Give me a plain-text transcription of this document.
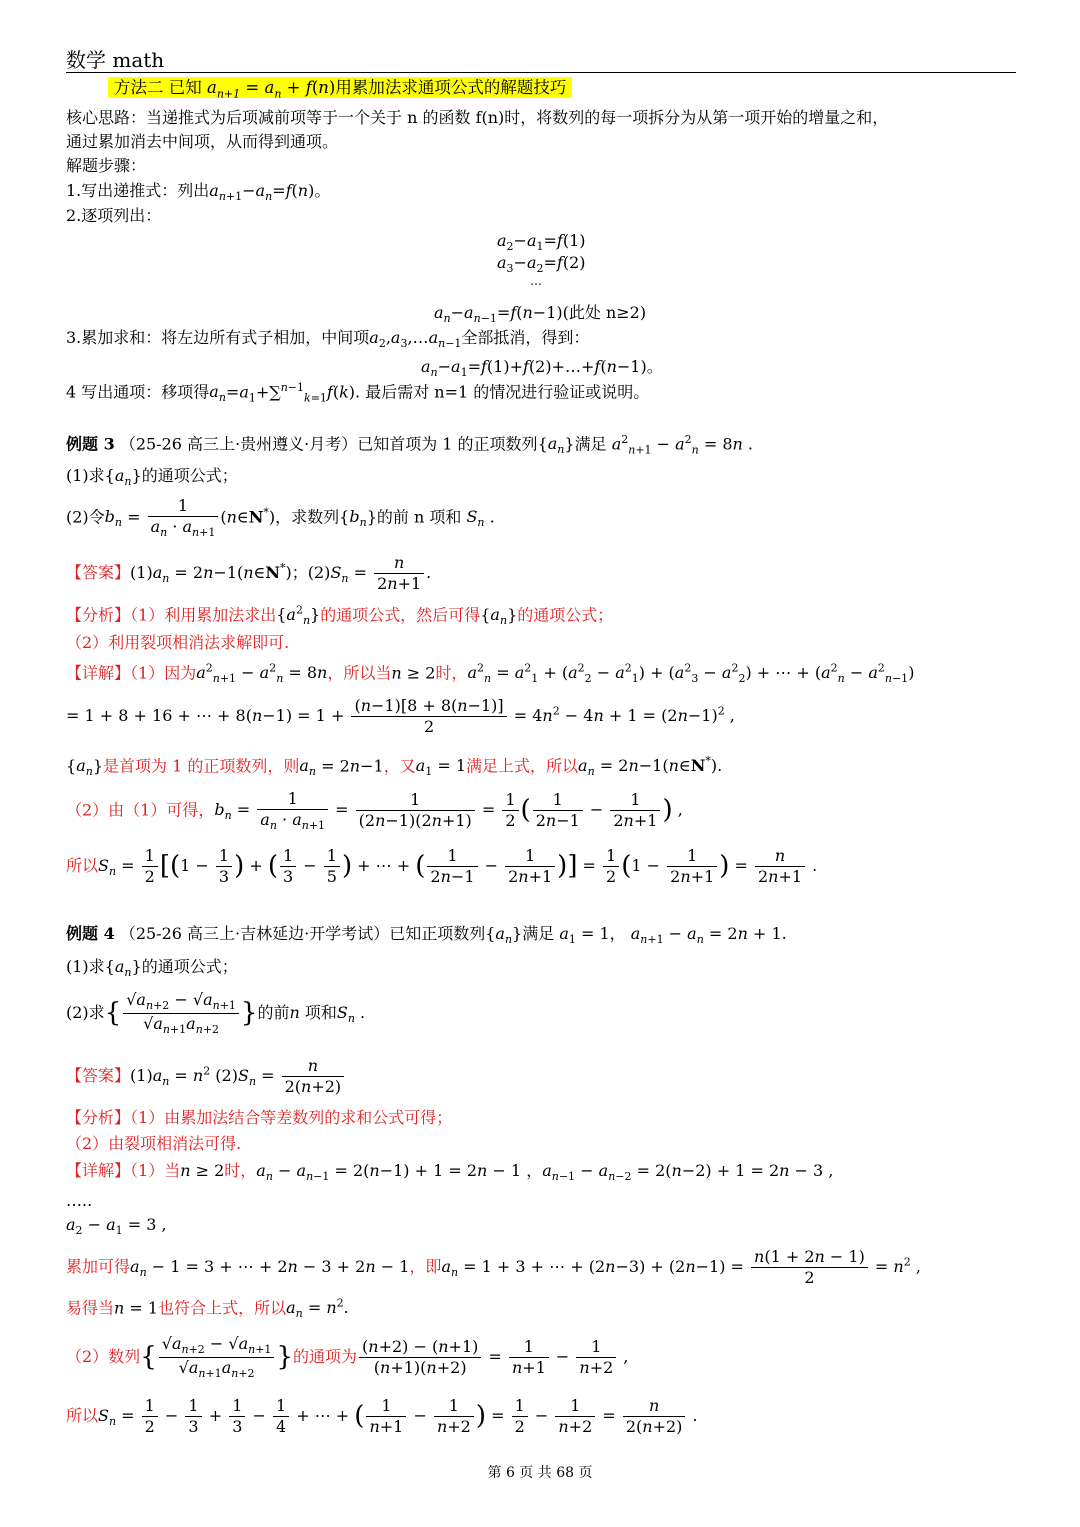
数学 math
方法二 已知 $a_{n+1} = a_n + f(n)$用累加法求通项公式的解题技巧
核心思路：当递推式为后项减前项等于一个关于 n 的函数 f(n)时，将数列的每一项拆分为从第一项开始的增量之和，
通过累加消去中间项，从而得到通项。
解题步骤：
1.写出递推式：列出$a_{n+1}-a_n=f(n)$。
2.逐项列出：
$a_2-a_1=f(1)$
$a_3-a_2=f(2)$
…
$a_n-a_{n-1}=f(n-1)$(此处 n≥2)
3.累加求和：将左边所有式子相加，中间项$a_2,a_3,\dots a_{n-1}$全部抵消，得到：
$a_n-a_1=f(1)+f(2)+\dots+f(n-1)$。
4 写出通项：移项得$a_n=a_1+\sum^{n-1}_{k=1}f(k)$. 最后需对 n=1 的情况进行验证或说明。
例题 3 （25-26 高三上·贵州遵义·月考）已知首项为 1 的正项数列$\{a_n\}$满足 $a^2_{n+1} - a^2_n = 8n$ .
(1)求$\{a_n\}$的通项公式；
(2)令$b_n = \frac{1}{a_n \cdot a_{n+1}}$ (n∈N*)，求数列$\{b_n\}$的前 n 项和 $S_n$ .
【答案】$(1)a_n$ = 2n−1(n∈N*)；$(2)S_n = \frac{n}{2n+1}$ .
【分析】（1）利用累加法求出$\{a^2_n\}$的通项公式，然后可得$\{a_n\}$的通项公式；
（2）利用裂项相消法求解即可.
【详解】（1）因为$a^2_{n+1} - a^2_n = 8n$，所以当n ≥ 2时，$a^2_n = a^2_1 + (a^2_2 - a^2_1) + (a^2_3 - a^2_2)$ + ⋯ + $(a^2_n - a^2_{n-1})$
= 1 + 8 + 16 + ⋯ + $8(n-1) = 1 + \frac{(n-1)[8 + 8(n-1)]}{2} = 4n^2 - 4n + 1 = (2n-1)^2$ ,
$\{a_n\}$是首项为 1 的正项数列，则$a_n = 2n-1$，又$a_1 = 1$满足上式，所以$a_n$ = 2n−1(n∈N*).
（2）由（1）可得，$b_n = \frac{1}{a_n \cdot a_{n+1}} = \frac{1}{(2n-1)(2n+1)} = \frac{1}{2}$ ( $\frac{1}{2n-1} - \frac{1}{2n+1}$ ) ,
所以$S_n = \frac{1}{2} [(1 - \frac{1}{3}$ ) + ( $\frac{1}{3} - \frac{1}{5}$ ) + ⋯ + ( $\frac{1}{2n-1} - \frac{1}{2n+1}$ )] = $\frac{1}{2} (1 - \frac{1}{2n+1}$ ) = $\frac{n}{2n+1}$ .
例题 4 （25-26 高三上·吉林延边·开学考试）已知正项数列$\{a_n\}$满足 $a_1 = 1$， $a_{n+1} - a_n = 2n + 1$.
(1)求$\{a_n\}$的通项公式；
(2)求{ $\frac{√a_{n+2} - √a_{n+1}}{√a_{n+1}a_{n+2}}$ }的前n 项和$S_n$ .
【答案】$(1)a_n = n^2$ $(2)S_n = \frac{n}{2(n+2)}$
【分析】（1）由累加法结合等差数列的求和公式可得；
（2）由裂项相消法可得.
【详解】（1）当n ≥ 2时，$a_n - a_{n-1} = 2(n-1) + 1 = 2n - 1$ ，$a_{n-1} - a_{n-2} = 2(n-2) + 1 = 2n - 3$ ,
…..
$a_2 - a_1 = 3$ ,
累加可得$a_n - 1 = 3$ + ⋯ + 2n − 3 + 2n − 1，即$a_n = 1 + 3$ + ⋯ + $(2n-3) + (2n-1) = \frac{n(1 + 2n - 1)}{2} = n^2$ ,
易得当n = 1也符合上式，所以$a_n = n^2$.
（2）数列{ $\frac{√a_{n+2} - √a_{n+1}}{√a_{n+1}a_{n+2}}$ }的通项为 $\frac{(n+2) - (n+1)}{(n+1)(n+2)} = \frac{1}{n+1} - \frac{1}{n+2}$ ,
所以$S_n = \frac{1}{2} - \frac{1}{3} + \frac{1}{3} - \frac{1}{4}$ + ⋯ + ( $\frac{1}{n+1} - \frac{1}{n+2}$ ) = $\frac{1}{2} - \frac{1}{n+2} = \frac{n}{2(n+2)}$ .
第 6 页 共 68 页
